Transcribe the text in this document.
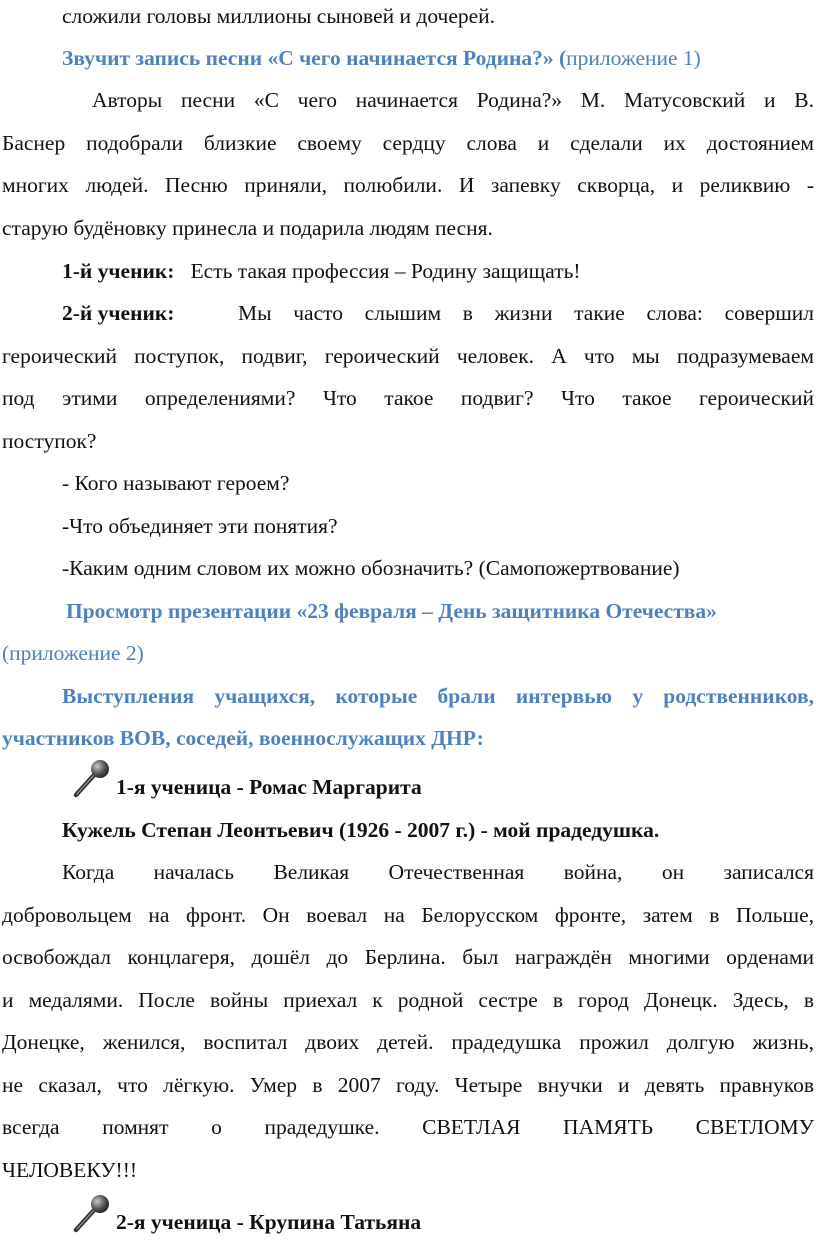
сложили головы миллионы сыновей и дочерей.
Звучит запись песни «С чего начинается Родина?» (приложение 1)
Авторы песни «С чего начинается Родина?» М. Матусовский и В.
Баснер подобрали близкие своему сердцу слова и сделали их достоянием
многих людей. Песню приняли, полюбили. И запевку скворца, и реликвию -
старую будёновку принесла и подарила людям песня.
1-й ученик: Есть такая профессия – Родину защищать!
2-й ученик:	Мы часто слышим в жизни такие слова: совершил
героический поступок, подвиг, героический человек. А что мы подразумеваем
под этими определениями? Что такое подвиг? Что такое героический
поступок?
- Кого называют героем?
-Что объединяет эти понятия?
-Каким одним словом их можно обозначить? (Самопожертвование)
Просмотр презентации «23 февраля – День защитника Отечества»
(приложение 2)
Выступления учащихся, которые брали интервью у родственников,
участников ВОВ, соседей, военнослужащих ДНР:
1-я ученица - Ромас Маргарита
Кужель Степан Леонтьевич (1926 - 2007 г.) - мой прадедушка.
Когда началась Великая Отечественная война, он записался
добровольцем на фронт. Он воевал на Белорусском фронте, затем в Польше,
освобождал концлагеря, дошёл до Берлина. был награждён многими орденами
и медалями. После войны приехал к родной сестре в город Донецк. Здесь, в
Донецке, женился, воспитал двоих детей. прадедушка прожил долгую жизнь,
не сказал, что лёгкую. Умер в 2007 году. Четыре внучки и девять правнуков
всегда помнят о прадедушке. СВЕТЛАЯ ПАМЯТЬ СВЕТЛОМУ
ЧЕЛОВЕКУ!!!
2-я ученица - Крупина Татьяна
